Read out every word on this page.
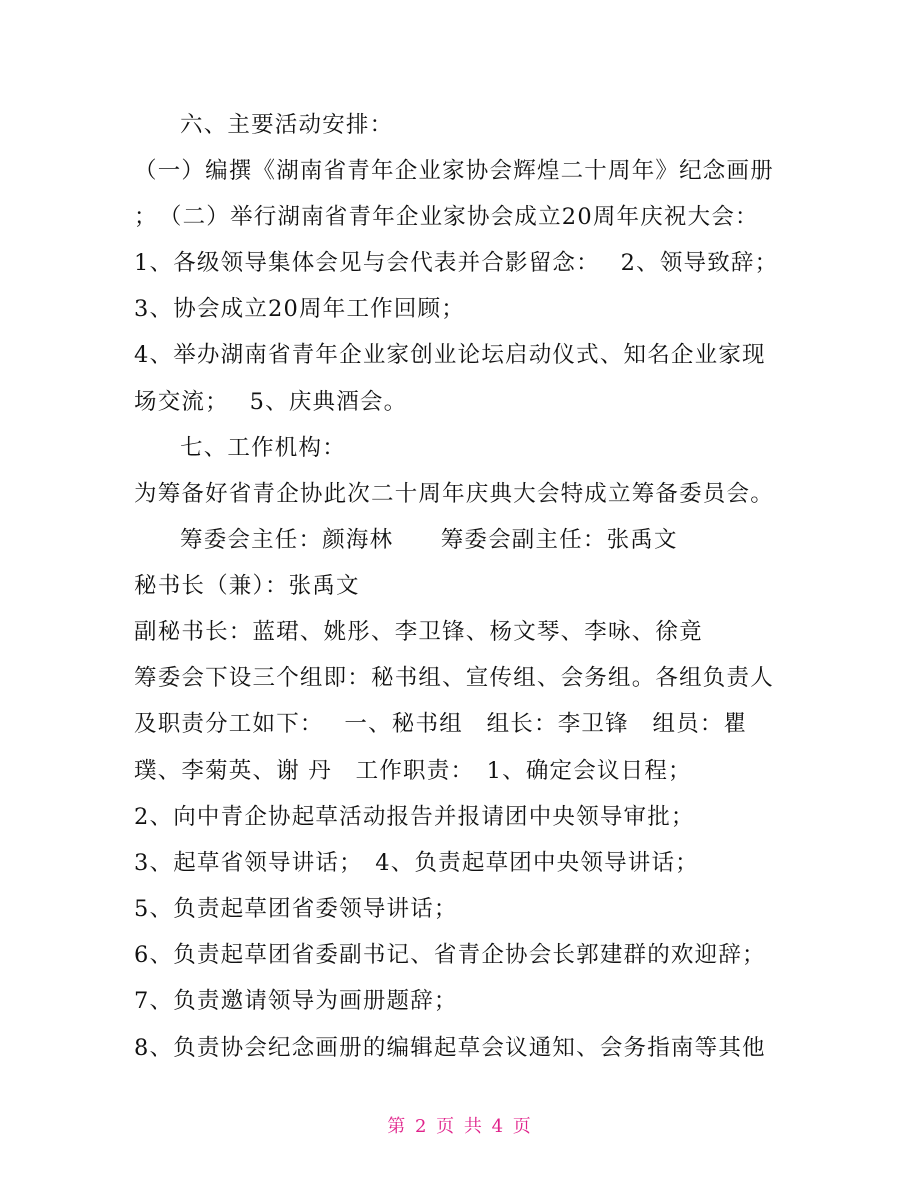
六、主要活动安排：
（一）编撰《湖南省青年企业家协会辉煌二十周年》纪念画册
；　（二）举行湖南省青年企业家协会成立20周年庆祝大会：
1、各级领导集体会见与会代表并合影留念：　 2、领导致辞；
3、协会成立20周年工作回顾；
4、举办湖南省青年企业家创业论坛启动仪式、知名企业家现
场交流；　 5、庆典酒会。
七、工作机构：
为筹备好省青企协此次二十周年庆典大会特成立筹备委员会。
筹委会主任：颜海林　　筹委会副主任：张禹文
秘书长（兼）：张禹文
副秘书长：蓝珺、姚彤、李卫锋、杨文琴、李咏、徐竟
筹委会下设三个组即：秘书组、宣传组、会务组。各组负责人
及职责分工如下：　 一、秘书组　组长：李卫锋　组员：瞿
璞、李菊英、谢 丹　工作职责：　1、确定会议日程；
2、向中青企协起草活动报告并报请团中央领导审批；
3、起草省领导讲话；　4、负责起草团中央领导讲话；
5、负责起草团省委领导讲话；
6、负责起草团省委副书记、省青企协会长郭建群的欢迎辞；
7、负责邀请领导为画册题辞；
8、负责协会纪念画册的编辑起草会议通知、会务指南等其他
第 2 页 共 4 页
